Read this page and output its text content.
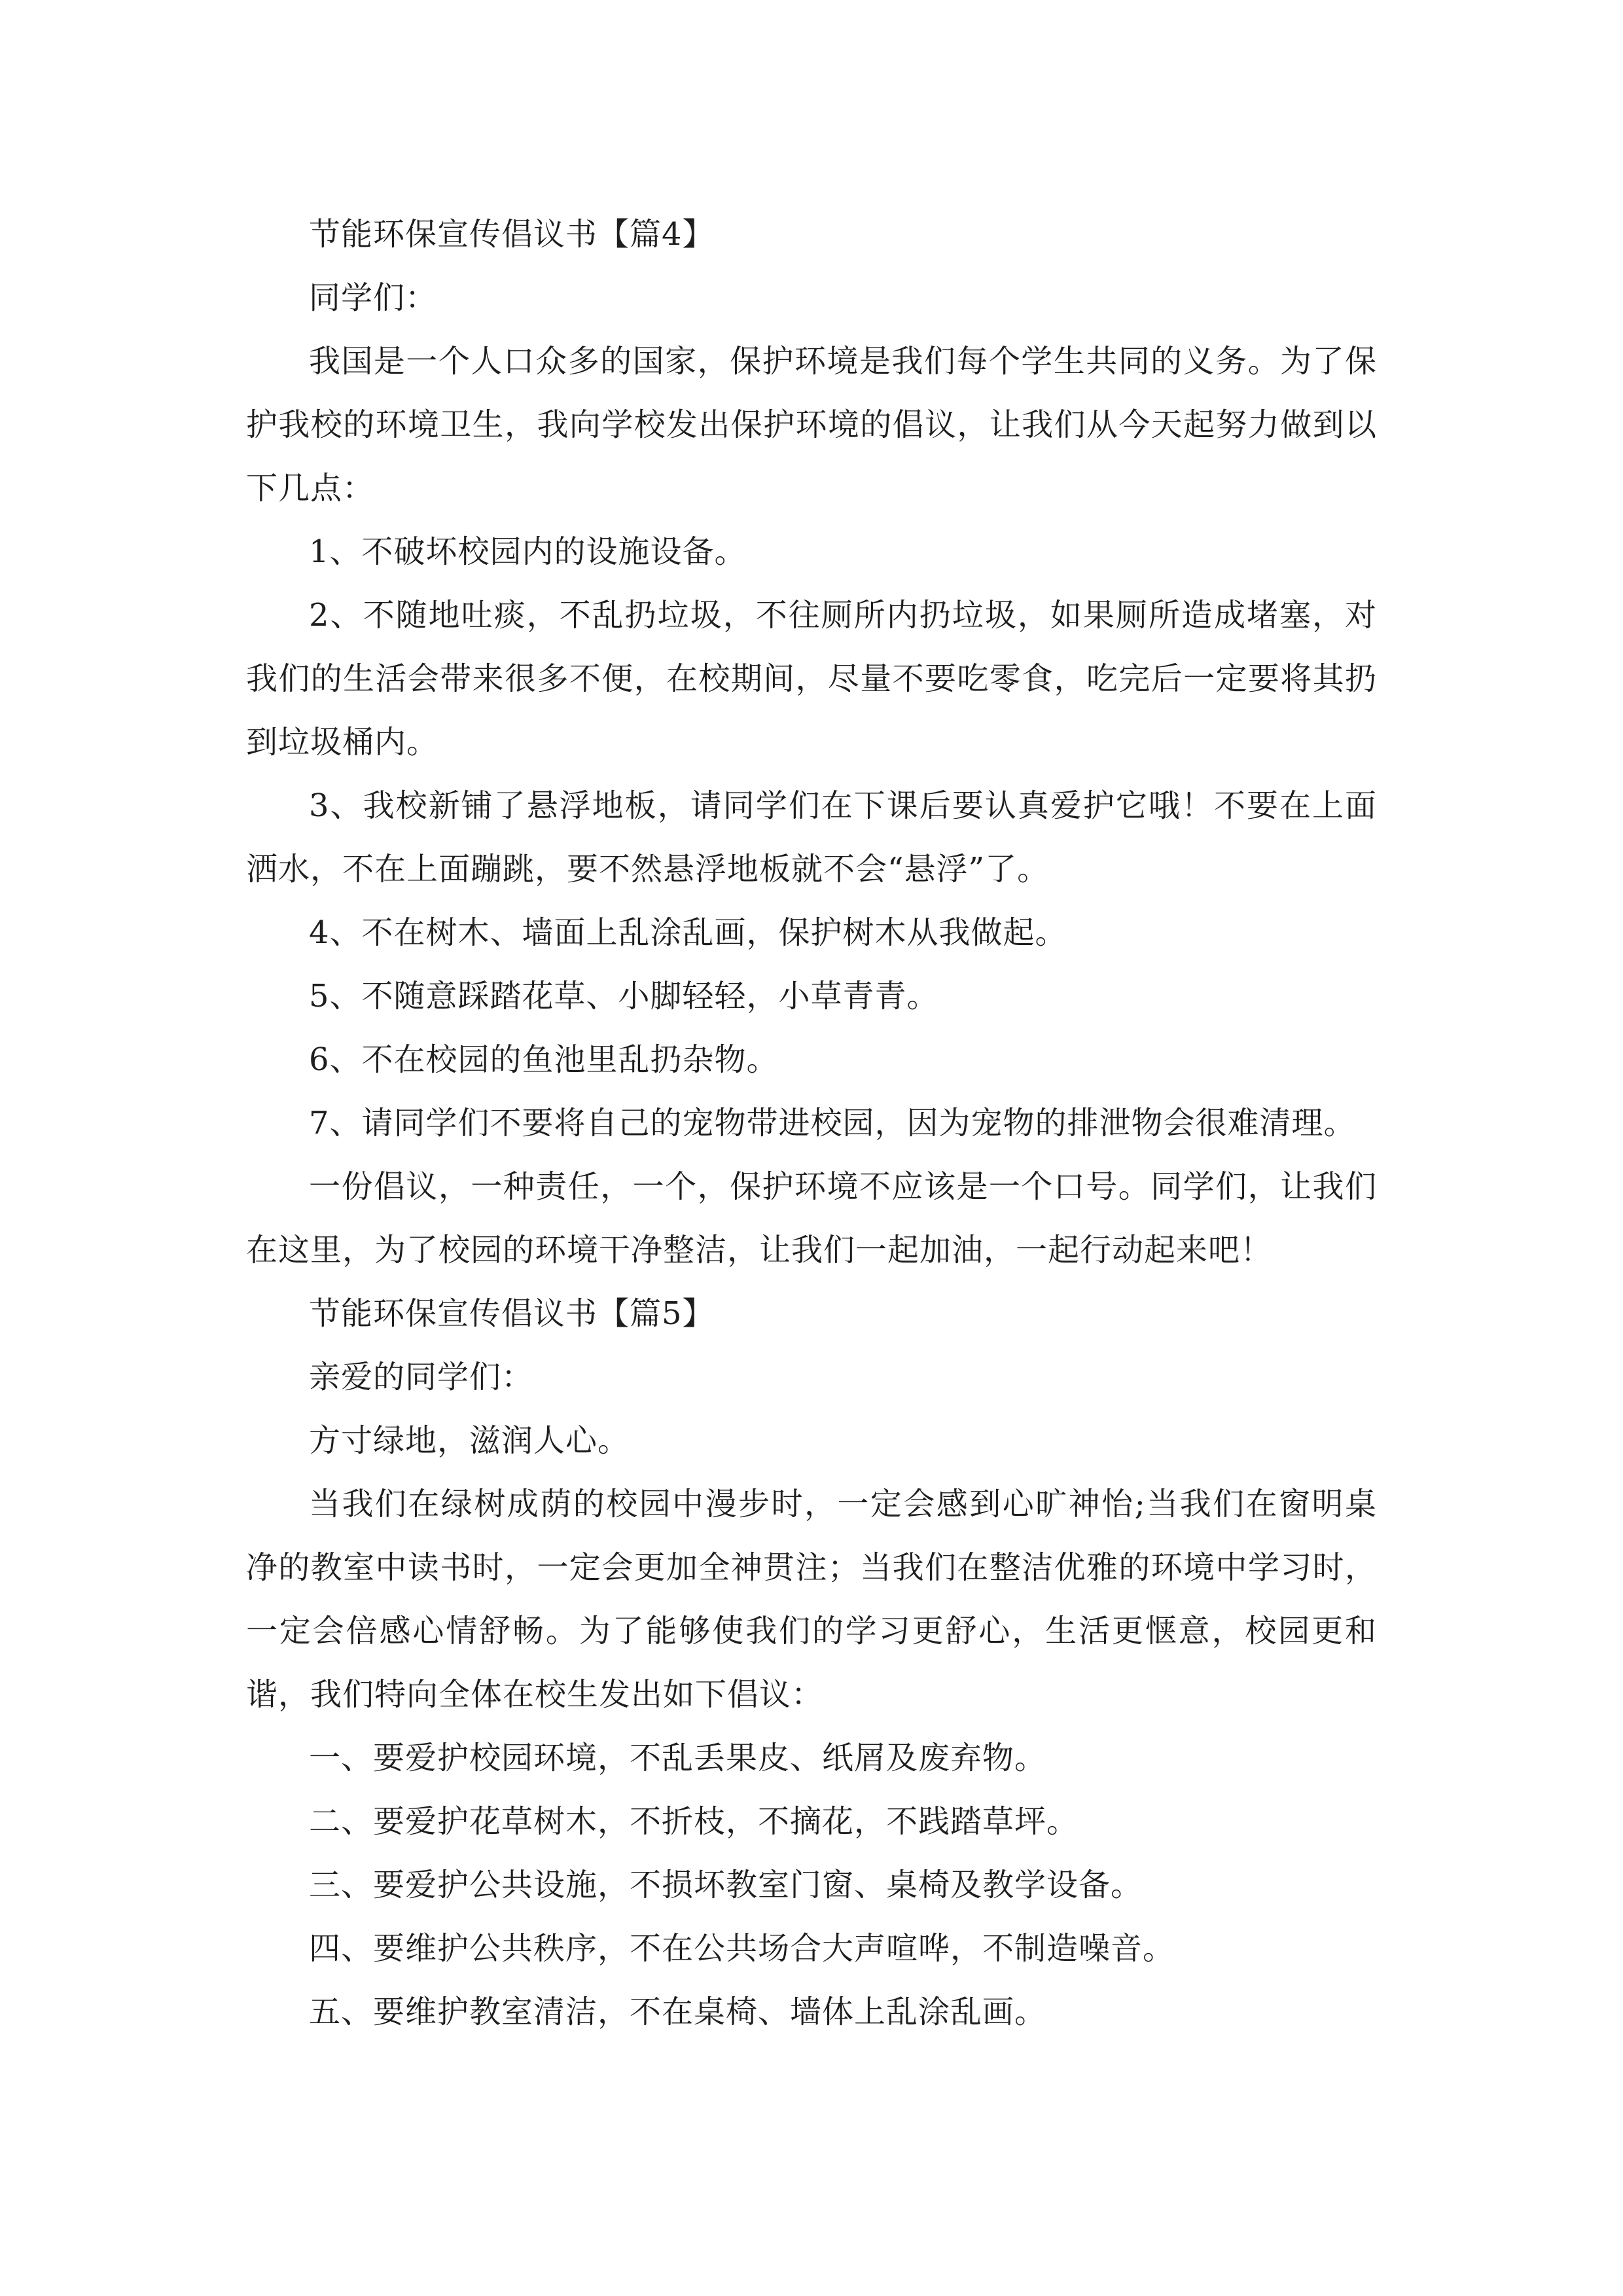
节能环保宣传倡议书【篇4】

同学们：

我国是一个人口众多的国家，保护环境是我们每个学生共同的义务。为了保护我校的环境卫生，我向学校发出保护环境的倡议，让我们从今天起努力做到以下几点：

1、不破坏校园内的设施设备。

2、不随地吐痰，不乱扔垃圾，不往厕所内扔垃圾，如果厕所造成堵塞，对我们的生活会带来很多不便，在校期间，尽量不要吃零食，吃完后一定要将其扔到垃圾桶内。

3、我校新铺了悬浮地板，请同学们在下课后要认真爱护它哦！不要在上面洒水，不在上面蹦跳，要不然悬浮地板就不会“悬浮”了。

4、不在树木、墙面上乱涂乱画，保护树木从我做起。

5、不随意踩踏花草、小脚轻轻，小草青青。

6、不在校园的鱼池里乱扔杂物。

7、请同学们不要将自己的宠物带进校园，因为宠物的排泄物会很难清理。

一份倡议，一种责任，一个，保护环境不应该是一个口号。同学们，让我们在这里，为了校园的环境干净整洁，让我们一起加油，一起行动起来吧！

节能环保宣传倡议书【篇5】

亲爱的同学们：

方寸绿地，滋润人心。

当我们在绿树成荫的校园中漫步时，一定会感到心旷神怡;当我们在窗明桌净的教室中读书时，一定会更加全神贯注；当我们在整洁优雅的环境中学习时，一定会倍感心情舒畅。为了能够使我们的学习更舒心，生活更惬意，校园更和谐，我们特向全体在校生发出如下倡议：

一、要爱护校园环境，不乱丢果皮、纸屑及废弃物。

二、要爱护花草树木，不折枝，不摘花，不践踏草坪。

三、要爱护公共设施，不损坏教室门窗、桌椅及教学设备。

四、要维护公共秩序，不在公共场合大声喧哗，不制造噪音。

五、要维护教室清洁，不在桌椅、墙体上乱涂乱画。
